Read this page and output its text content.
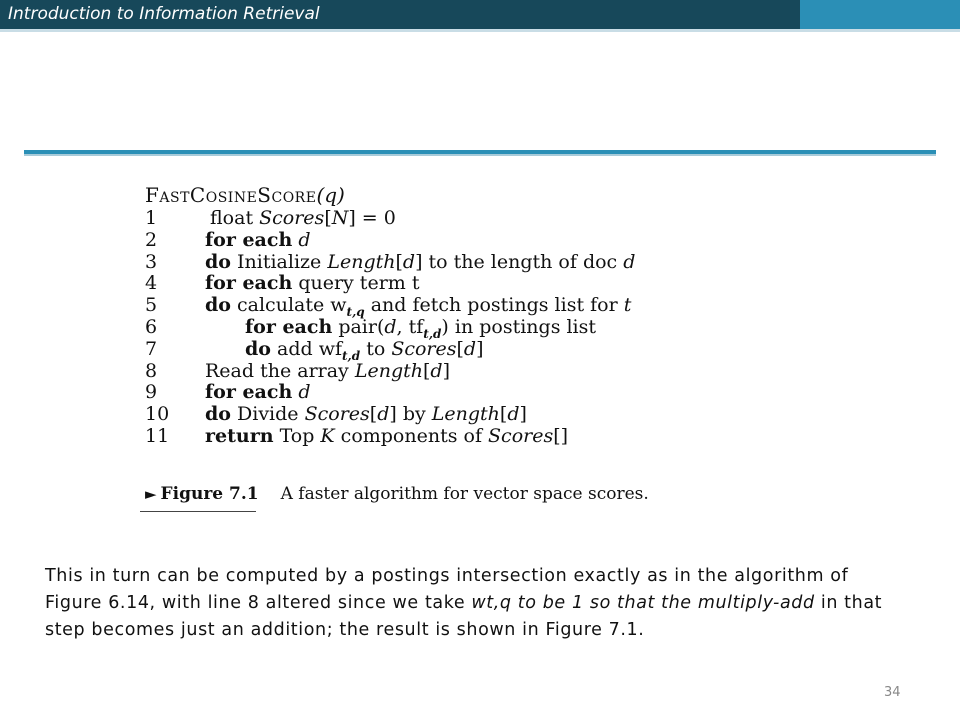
Introduction to Information Retrieval
FastCosineScore(q)
1	float Scores[N] = 0
2	for each d
3	do Initialize Length[d] to the length of doc d
4	for each query term t
5	do calculate $w_{t,q}$ and fetch postings list for t
6	for each pair(d, $tf_{t,d}$) in postings list
7	do add $wf_{t,d}$ to Scores[d]
8	Read the array Length[d]
9	for each d
10	do Divide Scores[d] by Length[d]
11	return Top K components of Scores[]
► Figure 7.1 A faster algorithm for vector space scores.
This in turn can be computed by a postings intersection exactly as in the algorithm of Figure 6.14, with line 8 altered since we take wt,q to be 1 so that the multiply-add in that step becomes just an addition; the result is shown in Figure 7.1.
34
